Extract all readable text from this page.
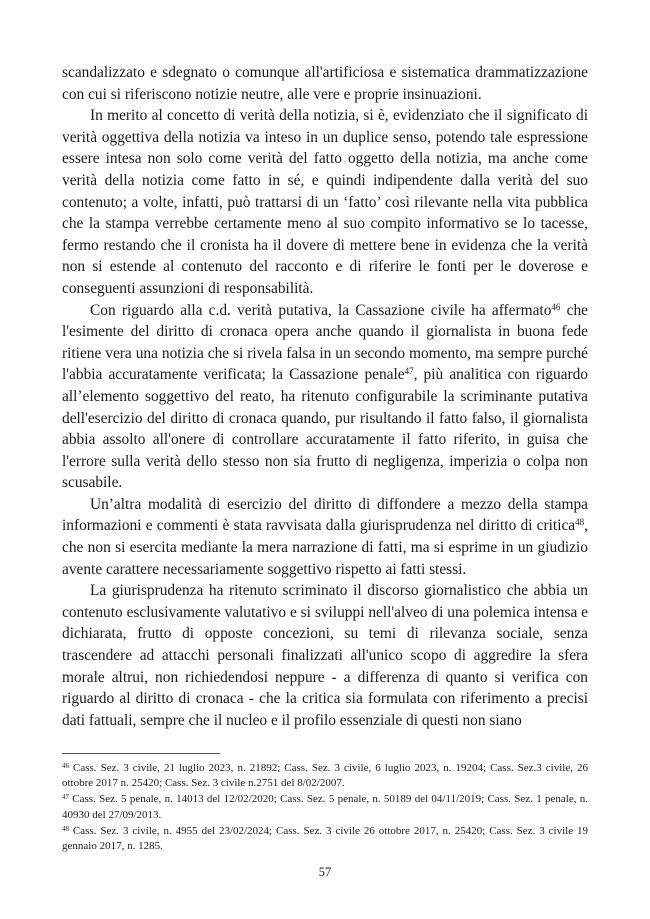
scandalizzato e sdegnato o comunque all'artificiosa e sistematica drammatizzazione con cui si riferiscono notizie neutre, alle vere e proprie insinuazioni.

In merito al concetto di verità della notizia, si è, evidenziato che il significato di verità oggettiva della notizia va inteso in un duplice senso, potendo tale espressione essere intesa non solo come verità del fatto oggetto della notizia, ma anche come verità della notizia come fatto in sé, e quindi indipendente dalla verità del suo contenuto; a volte, infatti, può trattarsi di un ‘fatto’ così rilevante nella vita pubblica che la stampa verrebbe certamente meno al suo compito informativo se lo tacesse, fermo restando che il cronista ha il dovere di mettere bene in evidenza che la verità non si estende al contenuto del racconto e di riferire le fonti per le doverose e conseguenti assunzioni di responsabilità.

Con riguardo alla c.d. verità putativa, la Cassazione civile ha affermato$^{46}$ che l'esimente del diritto di cronaca opera anche quando il giornalista in buona fede ritiene vera una notizia che si rivela falsa in un secondo momento, ma sempre purché l'abbia accuratamente verificata; la Cassazione penale$^{47}$, più analitica con riguardo all’elemento soggettivo del reato, ha ritenuto configurabile la scriminante putativa dell'esercizio del diritto di cronaca quando, pur risultando il fatto falso, il giornalista abbia assolto all'onere di controllare accuratamente il fatto riferito, in guisa che l'errore sulla verità dello stesso non sia frutto di negligenza, imperizia o colpa non scusabile.

Un’altra modalità di esercizio del diritto di diffondere a mezzo della stampa informazioni e commenti è stata ravvisata dalla giurisprudenza nel diritto di critica$^{48}$, che non si esercita mediante la mera narrazione di fatti, ma si esprime in un giudizio avente carattere necessariamente soggettivo rispetto ai fatti stessi.

La giurisprudenza ha ritenuto scriminato il discorso giornalistico che abbia un contenuto esclusivamente valutativo e si sviluppi nell'alveo di una polemica intensa e dichiarata, frutto di opposte concezioni, su temi di rilevanza sociale, senza trascendere ad attacchi personali finalizzati all'unico scopo di aggredire la sfera morale altrui, non richiedendosi neppure - a differenza di quanto si verifica con riguardo al diritto di cronaca - che la critica sia formulata con riferimento a precisi dati fattuali, sempre che il nucleo e il profilo essenziale di questi non siano

$^{46}$ Cass. Sez. 3 civile, 21 luglio 2023, n. 21892; Cass. Sez. 3 civile, 6 luglio 2023, n. 19204; Cass. Sez.3 civile, 26 ottobre 2017 n. 25420; Cass. Sez. 3 civile n.2751 del 8/02/2007.

$^{47}$ Cass. Sez. 5 penale, n. 14013 del 12/02/2020; Cass. Sez. 5 penale, n. 50189 del 04/11/2019; Cass. Sez. 1 penale, n. 40930 del 27/09/2013.

$^{48}$ Cass. Sez. 3 civile, n. 4955 del 23/02/2024; Cass. Sez. 3 civile 26 ottobre 2017, n. 25420; Cass. Sez. 3 civile 19 gennaio 2017, n. 1285.

57
